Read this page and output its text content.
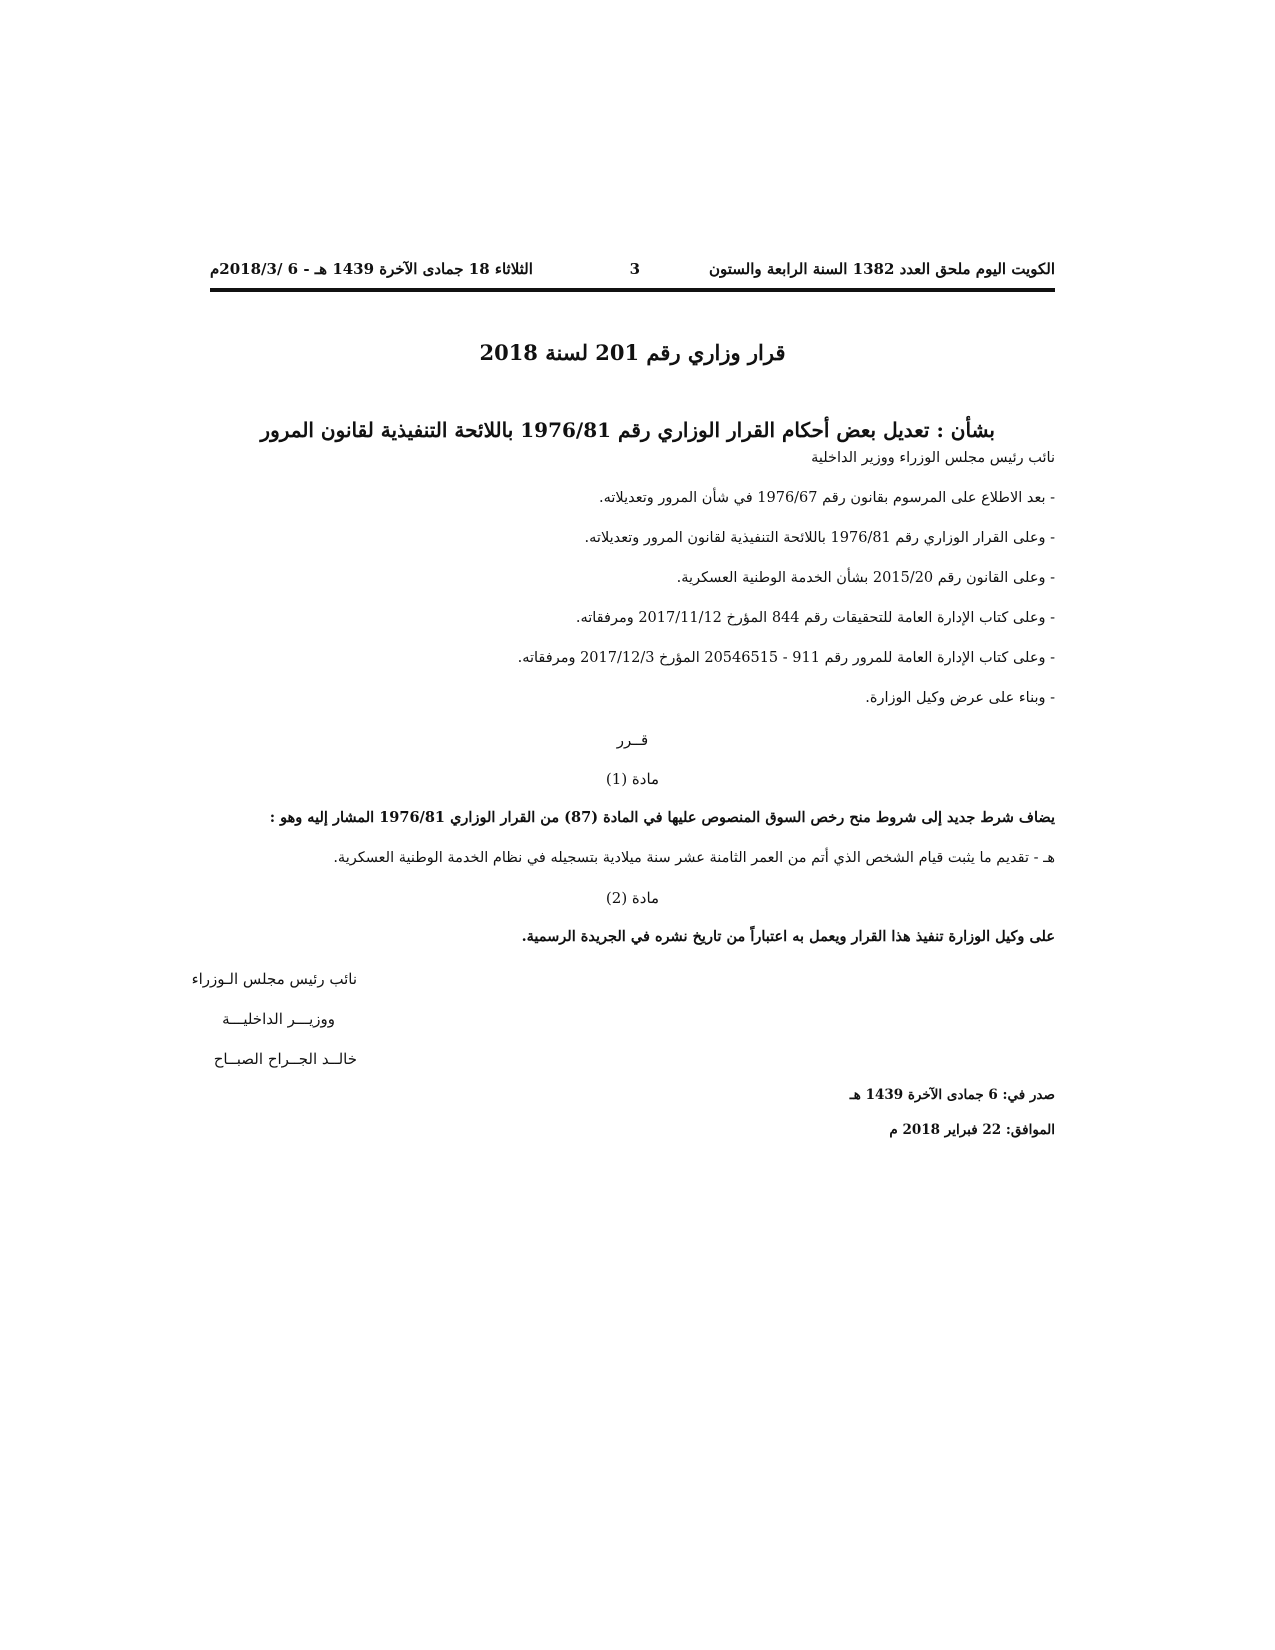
الكويت اليوم ملحق العدد 1382 السنة الرابعة والستون
3
الثلاثاء 18 جمادى الآخرة 1439 هـ - 6 /2018/3م
قرار وزاري رقم 201 لسنة 2018
بشأن : تعديل بعض أحكام القرار الوزاري رقم 1976/81 باللائحة التنفيذية لقانون المرور
نائب رئيس مجلس الوزراء ووزير الداخلية
- بعد الاطلاع على المرسوم بقانون رقم 1976/67 في شأن المرور وتعديلاته.
- وعلى القرار الوزاري رقم 1976/81 باللائحة التنفيذية لقانون المرور وتعديلاته.
- وعلى القانون رقم 2015/20 بشأن الخدمة الوطنية العسكرية.
- وعلى كتاب الإدارة العامة للتحقيقات رقم 844 المؤرخ 2017/11/12 ومرفقاته.
- وعلى كتاب الإدارة العامة للمرور رقم 911 - 20546515 المؤرخ 2017/12/3 ومرفقاته.
- وبناء على عرض وكيل الوزارة.
قــرر
مادة (1)
يضاف شرط جديد إلى شروط منح رخص السوق المنصوص عليها في المادة (87) من القرار الوزاري 1976/81 المشار إليه وهو :
هـ - تقديم ما يثبت قيام الشخص الذي أتم من العمر الثامنة عشر سنة ميلادية بتسجيله في نظام الخدمة الوطنية العسكرية.
مادة (2)
على وكيل الوزارة تنفيذ هذا القرار ويعمل به اعتباراً من تاريخ نشره في الجريدة الرسمية.
نائب رئيس مجلس الـوزراء
ووزيـــر الداخليـــة
خالــد الجــراح الصبــاح
صدر في: 6 جمادى الآخرة 1439 هـ
الموافق: 22 فبراير 2018 م
